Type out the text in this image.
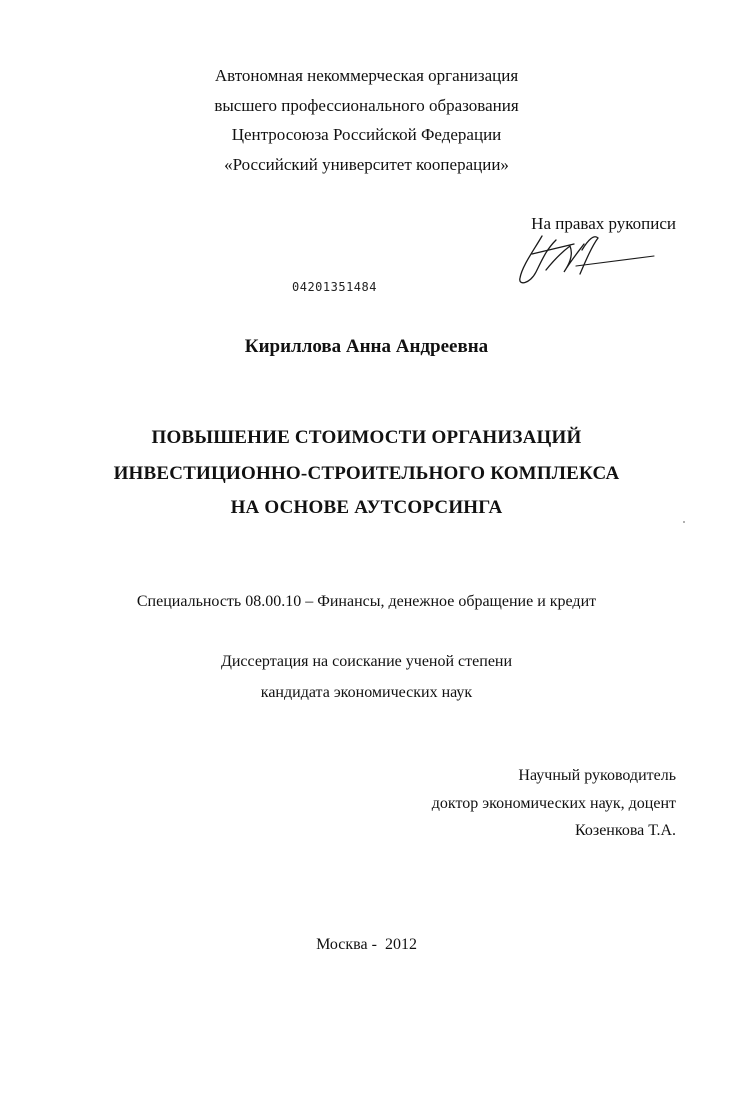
Автономная некоммерческая организация
высшего профессионального образования
Центросоюза Российской Федерации
«Российский университет кооперации»
На правах рукописи
04201351484
Кириллова Анна Андреевна
ПОВЫШЕНИЕ СТОИМОСТИ ОРГАНИЗАЦИЙ
ИНВЕСТИЦИОННО-СТРОИТЕЛЬНОГО КОМПЛЕКСА
НА ОСНОВЕ АУТСОРСИНГА
Специальность 08.00.10 – Финансы, денежное обращение и кредит
Диссертация на соискание ученой степени
кандидата экономических наук
Научный руководитель
доктор экономических наук, доцент
Козенкова Т.А.
Москва -  2012
